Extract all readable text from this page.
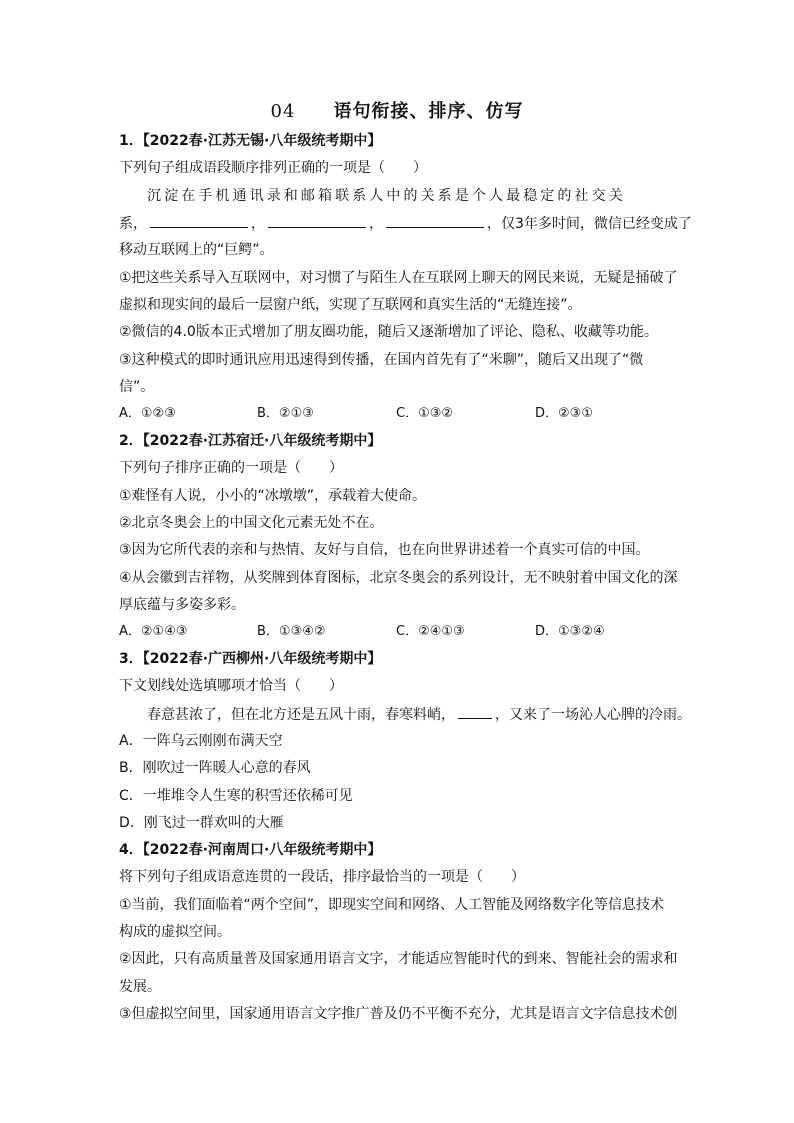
04 语句衔接、排序、仿写
1．【2022春·江苏无锡·八年级统考期中】
下列句子组成语段顺序排列正确的一项是（　　）
沉淀在手机通讯录和邮箱联系人中的关系是个人最稳定的社交关
系，	，	，	，仅3年多时间，微信已经变成了
移动互联网上的“巨鳄”。
①把这些关系导入互联网中，对习惯了与陌生人在互联网上聊天的网民来说，无疑是捅破了
虚拟和现实间的最后一层窗户纸，实现了互联网和真实生活的“无缝连接”。
②微信的4.0版本正式增加了朋友圈功能，随后又逐渐增加了评论、隐私、收藏等功能。
③这种模式的即时通讯应用迅速得到传播，在国内首先有了“米聊”，随后又出现了“微
信”。
A．①②③	B．②①③	C．①③②	D．②③①
2．【2022春·江苏宿迁·八年级统考期中】
下列句子排序正确的一项是（　　）
①难怪有人说，小小的“冰墩墩”，承载着大使命。
②北京冬奥会上的中国文化元素无处不在。
③因为它所代表的亲和与热情、友好与自信，也在向世界讲述着一个真实可信的中国。
④从会徽到吉祥物，从奖牌到体育图标，北京冬奥会的系列设计，无不映射着中国文化的深
厚底蕴与多姿多彩。
A．②①④③	B．①③④②	C．②④①③	D．①③②④
3．【2022春·广西柳州·八年级统考期中】
下文划线处选填哪项才恰当（　　）
春意甚浓了，但在北方还是五风十雨，春寒料峭，	，又来了一场沁人心脾的冷雨。
A．一阵乌云刚刚布满天空
B．刚吹过一阵暖人心意的春风
C．一堆堆令人生寒的积雪还依稀可见
D．刚飞过一群欢叫的大雁
4．【2022春·河南周口·八年级统考期中】
将下列句子组成语意连贯的一段话，排序最恰当的一项是（　　）
①当前，我们面临着“两个空间”，即现实空间和网络、人工智能及网络数字化等信息技术
构成的虚拟空间。
②因此，只有高质量普及国家通用语言文字，才能适应智能时代的到来、智能社会的需求和
发展。
③但虚拟空间里，国家通用语言文字推广普及仍不平衡不充分，尤其是语言文字信息技术创
